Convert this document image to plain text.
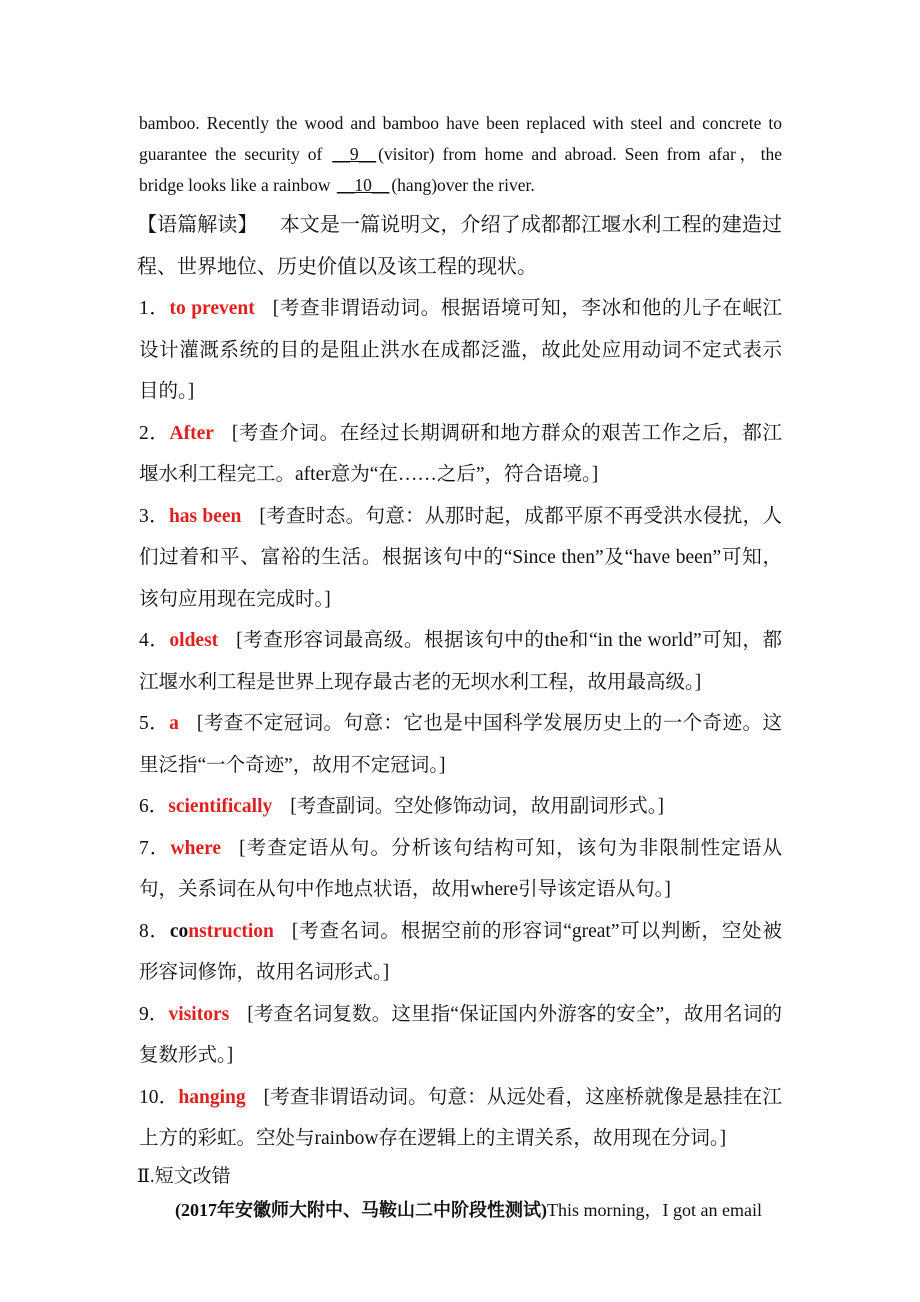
bamboo. Recently the wood and bamboo have been replaced with steel and concrete to guarantee the security of __9__ (visitor) from home and abroad. Seen from afar，the bridge looks like a rainbow __10__ (hang)over the river.

【语篇解读】 本文是一篇说明文，介绍了成都都江堰水利工程的建造过程、世界地位、历史价值以及该工程的现状。

1．to prevent [考查非谓语动词。根据语境可知，李冰和他的儿子在岷江设计灌溉系统的目的是阻止洪水在成都泛滥，故此处应用动词不定式表示目的。]

2．After [考查介词。在经过长期调研和地方群众的艰苦工作之后，都江堰水利工程完工。after意为“在……之后”，符合语境。]

3．has been [考查时态。句意：从那时起，成都平原不再受洪水侵扰，人们过着和平、富裕的生活。根据该句中的“Since then”及“have been”可知，该句应用现在完成时。]

4．oldest [考查形容词最高级。根据该句中的the和“in the world”可知，都江堰水利工程是世界上现存最古老的无坝水利工程，故用最高级。]

5．a [考查不定冠词。句意：它也是中国科学发展历史上的一个奇迹。这里泛指“一个奇迹”，故用不定冠词。]

6．scientifically [考查副词。空处修饰动词，故用副词形式。]

7．where [考查定语从句。分析该句结构可知，该句为非限制性定语从句，关系词在从句中作地点状语，故用where引导该定语从句。]

8．construction [考查名词。根据空前的形容词“great”可以判断，空处被形容词修饰，故用名词形式。]

9．visitors [考查名词复数。这里指“保证国内外游客的安全”，故用名词的复数形式。]

10．hanging [考查非谓语动词。句意：从远处看，这座桥就像是悬挂在江上方的彩虹。空处与rainbow存在逻辑上的主谓关系，故用现在分词。]

Ⅱ.短文改错

(2017年安徽师大附中、马鞍山二中阶段性测试)This morning，I got an email
